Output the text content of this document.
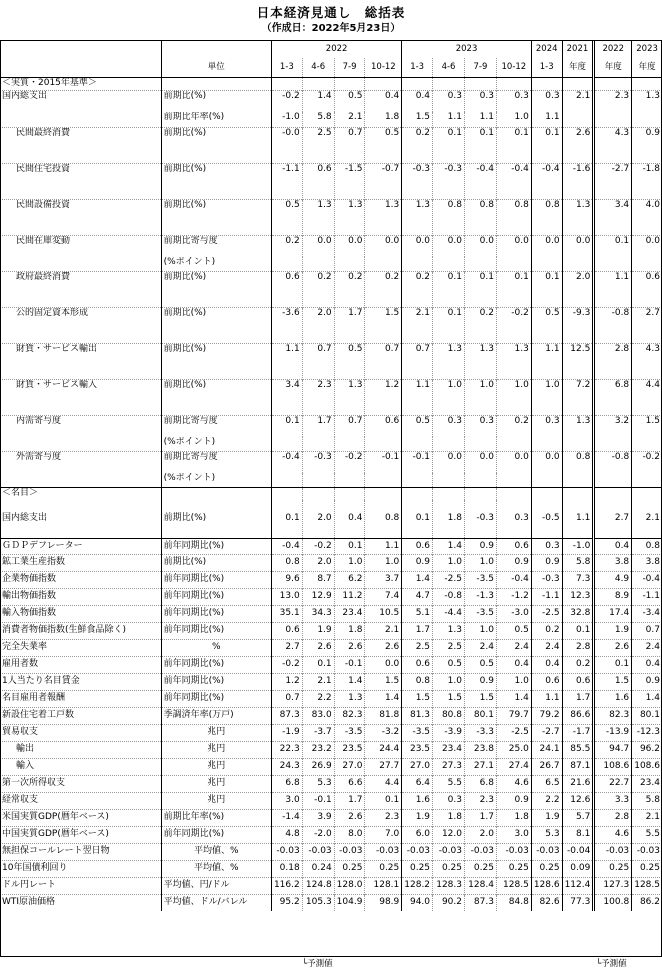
日本経済見通し　総括表
（作成日：2022年5月23日）
		2022				2023				2024	2021	2022	2023
	単位	1-3	4-6	7-9	10-12	1-3	4-6	7-9	10-12	1-3	年度	年度	年度
＜実質・2015年基準＞													
国内総支出	前期比(%)	-0.2	1.4	0.5	0.4	0.4	0.3	0.3	0.3	0.3	2.1	2.3	1.3
	前期比年率(%)	-1.0	5.8	2.1	1.8	1.5	1.1	1.1	1.0	1.1			
民間最終消費	前期比(%)	-0.0	2.5	0.7	0.5	0.2	0.1	0.1	0.1	0.1	2.6	4.3	0.9
民間住宅投資	前期比(%)	-1.1	0.6	-1.5	-0.7	-0.3	-0.3	-0.4	-0.4	-0.4	-1.6	-2.7	-1.8
民間設備投資	前期比(%)	0.5	1.3	1.3	1.3	1.3	0.8	0.8	0.8	0.8	1.3	3.4	4.0
民間在庫変動	前期比寄与度	0.2	0.0	0.0	0.0	0.0	0.0	0.0	0.0	0.0	0.0	0.1	0.0
	(%ポイント)												
政府最終消費	前期比(%)	0.6	0.2	0.2	0.2	0.2	0.1	0.1	0.1	0.1	2.0	1.1	0.6
公的固定資本形成	前期比(%)	-3.6	2.0	1.7	1.5	2.1	0.1	0.2	-0.2	0.5	-9.3	-0.8	2.7
財貨・サービス輸出	前期比(%)	1.1	0.7	0.5	0.7	0.7	1.3	1.3	1.3	1.1	12.5	2.8	4.3
財貨・サービス輸入	前期比(%)	3.4	2.3	1.3	1.2	1.1	1.0	1.0	1.0	1.0	7.2	6.8	4.4
内需寄与度	前期比寄与度	0.1	1.7	0.7	0.6	0.5	0.3	0.3	0.2	0.3	1.3	3.2	1.5
	(%ポイント)												
外需寄与度	前期比寄与度	-0.4	-0.3	-0.2	-0.1	-0.1	0.0	0.0	0.0	0.0	0.8	-0.8	-0.2
	(%ポイント)												
＜名目＞													
国内総支出	前期比(%)	0.1	2.0	0.4	0.8	0.1	1.8	-0.3	0.3	-0.5	1.1	2.7	2.1
ＧＤＰデフレーター	前年同期比(%)	-0.4	-0.2	0.1	1.1	0.6	1.4	0.9	0.6	0.3	-1.0	0.4	0.8
鉱工業生産指数	前期比(%)	0.8	2.0	1.0	1.0	0.9	1.0	1.0	0.9	0.9	5.8	3.8	3.8
企業物価指数	前年同期比(%)	9.6	8.7	6.2	3.7	1.4	-2.5	-3.5	-0.4	-0.3	7.3	4.9	-0.4
輸出物価指数	前年同期比(%)	13.0	12.9	11.2	7.4	4.7	-0.8	-1.3	-1.2	-1.1	12.3	8.9	-1.1
輸入物価指数	前年同期比(%)	35.1	34.3	23.4	10.5	5.1	-4.4	-3.5	-3.0	-2.5	32.8	17.4	-3.4
消費者物価指数(生鮮食品除く)	前年同期比(%)	0.6	1.9	1.8	2.1	1.7	1.3	1.0	0.5	0.2	0.1	1.9	0.7
完全失業率	%	2.7	2.6	2.6	2.6	2.5	2.5	2.4	2.4	2.4	2.8	2.6	2.4
雇用者数	前年同期比(%)	-0.2	0.1	-0.1	0.0	0.6	0.5	0.5	0.4	0.4	0.2	0.1	0.4
1人当たり名目賃金	前年同期比(%)	1.2	2.1	1.4	1.5	0.8	1.0	0.9	1.0	0.6	0.6	1.5	0.9
名目雇用者報酬	前年同期比(%)	0.7	2.2	1.3	1.4	1.5	1.5	1.5	1.4	1.1	1.7	1.6	1.4
新設住宅着工戸数	季調済年率(万戸)	87.3	83.0	82.3	81.8	81.3	80.8	80.1	79.7	79.2	86.6	82.3	80.1
貿易収支	兆円	-1.9	-3.7	-3.5	-3.2	-3.5	-3.9	-3.3	-2.5	-2.7	-1.7	-13.9	-12.3
輸出	兆円	22.3	23.2	23.5	24.4	23.5	23.4	23.8	25.0	24.1	85.5	94.7	96.2
輸入	兆円	24.3	26.9	27.0	27.7	27.0	27.3	27.1	27.4	26.7	87.1	108.6	108.6
第一次所得収支	兆円	6.8	5.3	6.6	4.4	6.4	5.5	6.8	4.6	6.5	21.6	22.7	23.4
経常収支	兆円	3.0	-0.1	1.7	0.1	1.6	0.3	2.3	0.9	2.2	12.6	3.3	5.8
米国実質GDP(暦年ベース)	前期比年率(%)	-1.4	3.9	2.6	2.3	1.9	1.8	1.7	1.8	1.9	5.7	2.8	2.1
中国実質GDP(暦年ベース)	前年同期比(%)	4.8	-2.0	8.0	7.0	6.0	12.0	2.0	3.0	5.3	8.1	4.6	5.5
無担保コールレート翌日物	平均値、%	-0.03	-0.03	-0.03	-0.03	-0.03	-0.03	-0.03	-0.03	-0.03	-0.04	-0.03	-0.03
10年国債利回り	平均値、%	0.18	0.24	0.25	0.25	0.25	0.25	0.25	0.25	0.25	0.09	0.25	0.25
ドル円レート	平均値、円/ドル	116.2	124.8	128.0	128.1	128.2	128.3	128.4	128.5	128.6	112.4	127.3	128.5
WTI原油価格	平均値、ドル/バレル	95.2	105.3	104.9	98.9	94.0	90.2	87.3	84.8	82.6	77.3	100.8	86.2
└予測値	└予測値
